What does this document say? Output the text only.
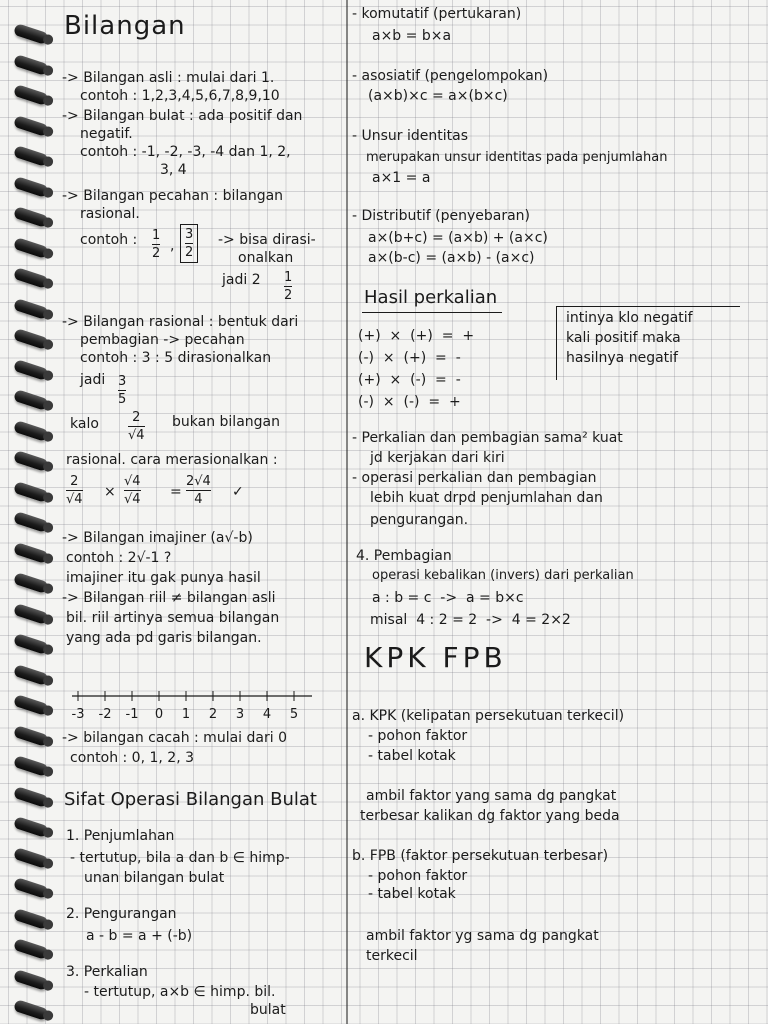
Bilangan
-> Bilangan asli : mulai dari 1.
contoh : 1,2,3,4,5,6,7,8,9,10
-> Bilangan bulat : ada positif dan
negatif.
contoh : -1, -2, -3, -4 dan 1, 2,
3, 4
-> Bilangan pecahan : bilangan
rasional.
contoh : 1
2 ,
3
2
-> bisa dirasi-
onalkan
jadi 2 1
2
-> Bilangan rasional : bentuk dari
pembagian -> pecahan
contoh : 3 : 5 dirasionalkan
jadi 3
5
kalo	2
√4
bukan bilangan
rasional. cara merasionalkan :
2
√4 ×
√4
√4 =
2√4
4 ✓
-> Bilangan imajiner (a√-b)
contoh : 2√-1 ?
imajiner itu gak punya hasil
-> Bilangan riil ≠ bilangan asli
bil. riil artinya semua bilangan
yang ada pd garis bilangan.
-3 -2 -1 0 1 2 3 4 5
-> bilangan cacah : mulai dari 0
contoh : 0, 1, 2, 3
Sifat Operasi Bilangan Bulat
1. Penjumlahan
- tertutup, bila a dan b ∈ himp-
unan bilangan bulat
2. Pengurangan
a - b = a + (-b)
3. Perkalian
- tertutup, a×b ∈ himp. bil.
bulat
- komutatif (pertukaran)
a×b = b×a
- asosiatif (pengelompokan)
(a×b)×c = a×(b×c)
- Unsur identitas
merupakan unsur identitas pada penjumlahan
a×1 = a
- Distributif (penyebaran)
a×(b+c) = (a×b) + (a×c)
a×(b-c) = (a×b) - (a×c)
Hasil perkalian
(+)  ×  (+)  =  +
(-)  ×  (+)  =  -
(+)  ×  (-)  =  -
(-)  ×  (-)  =  +
intinya klo negatif
kali positif maka
hasilnya negatif
- Perkalian dan pembagian sama² kuat
jd kerjakan dari kiri
- operasi perkalian dan pembagian
lebih kuat drpd penjumlahan dan
pengurangan.
4. Pembagian
operasi kebalikan (invers) dari perkalian
a : b = c  ->  a = b×c
misal  4 : 2 = 2  ->  4 = 2×2
KPK FPB
a. KPK (kelipatan persekutuan terkecil)
- pohon faktor
- tabel kotak
ambil faktor yang sama dg pangkat
terbesar kalikan dg faktor yang beda
b. FPB (faktor persekutuan terbesar)
- pohon faktor
- tabel kotak
ambil faktor yg sama dg pangkat
terkecil
